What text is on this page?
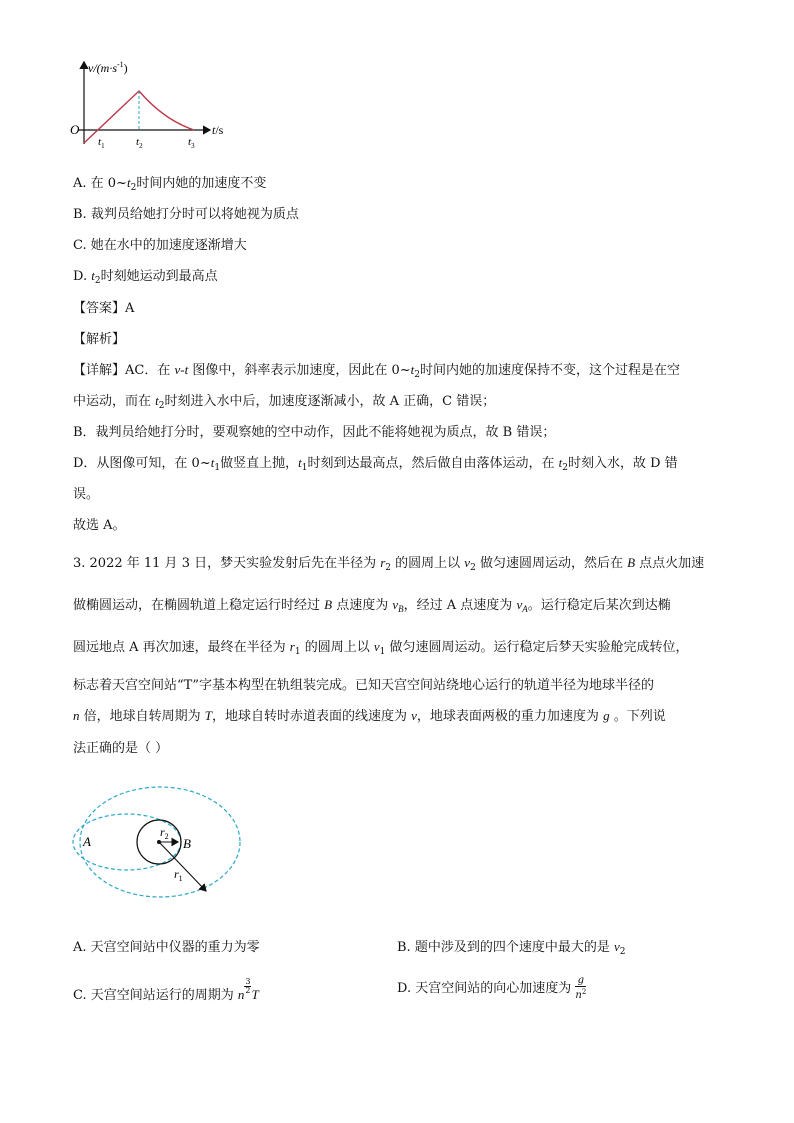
$v/(m\cdot s^{-1})$
t/s
O
$t_1$	$t_2$	$t_3$
A. 在 $0\sim t_2$时间内她的加速度不变
B. 裁判员给她打分时可以将她视为质点
C. 她在水中的加速度逐渐增大
D. $t_2$时刻她运动到最高点
【答案】A
【解析】
【详解】AC．在 v-t 图像中，斜率表示加速度，因此在 $0\sim t_2$时间内她的加速度保持不变，这个过程是在空
中运动，而在 $t_2$时刻进入水中后，加速度逐渐减小，故 A 正确，C 错误；
B．裁判员给她打分时，要观察她的空中动作，因此不能将她视为质点，故 B 错误；
D．从图像可知，在 $0\sim t_1$做竖直上抛，$t_1$时刻到达最高点，然后做自由落体运动，在 $t_2$时刻入水，故 D 错
误。
故选 A。
3. 2022 年 11 月 3 日，梦天实验发射后先在半径为 $r_2$ 的圆周上以 $v_2$ 做匀速圆周运动，然后在 B 点点火加速
做椭圆运动，在椭圆轨道上稳定运行时经过 B 点速度为 $v_B$，经过 A 点速度为 $v_A$。运行稳定后某次到达椭
圆远地点 A 再次加速，最终在半径为 $r_1$ 的圆周上以 $v_1$ 做匀速圆周运动。运行稳定后梦天实验舱完成转位，
标志着天宫空间站“T”字基本构型在轨组装完成。已知天宫空间站绕地心运行的轨道半径为地球半径的
n 倍，地球自转周期为 T，地球自转时赤道表面的线速度为 v，地球表面两极的重力加速度为 g 。下列说
法正确的是（ ）
A	B
$r_2$
$r_1$
A. 天宫空间站中仪器的重力为零	B. 题中涉及到的四个速度中最大的是 $v_2$
C. 天宫空间站运行的周期为 n $\frac{3}{2}$ T	D. 天宫空间站的向心加速度为 $\frac{g}{n^2}$
